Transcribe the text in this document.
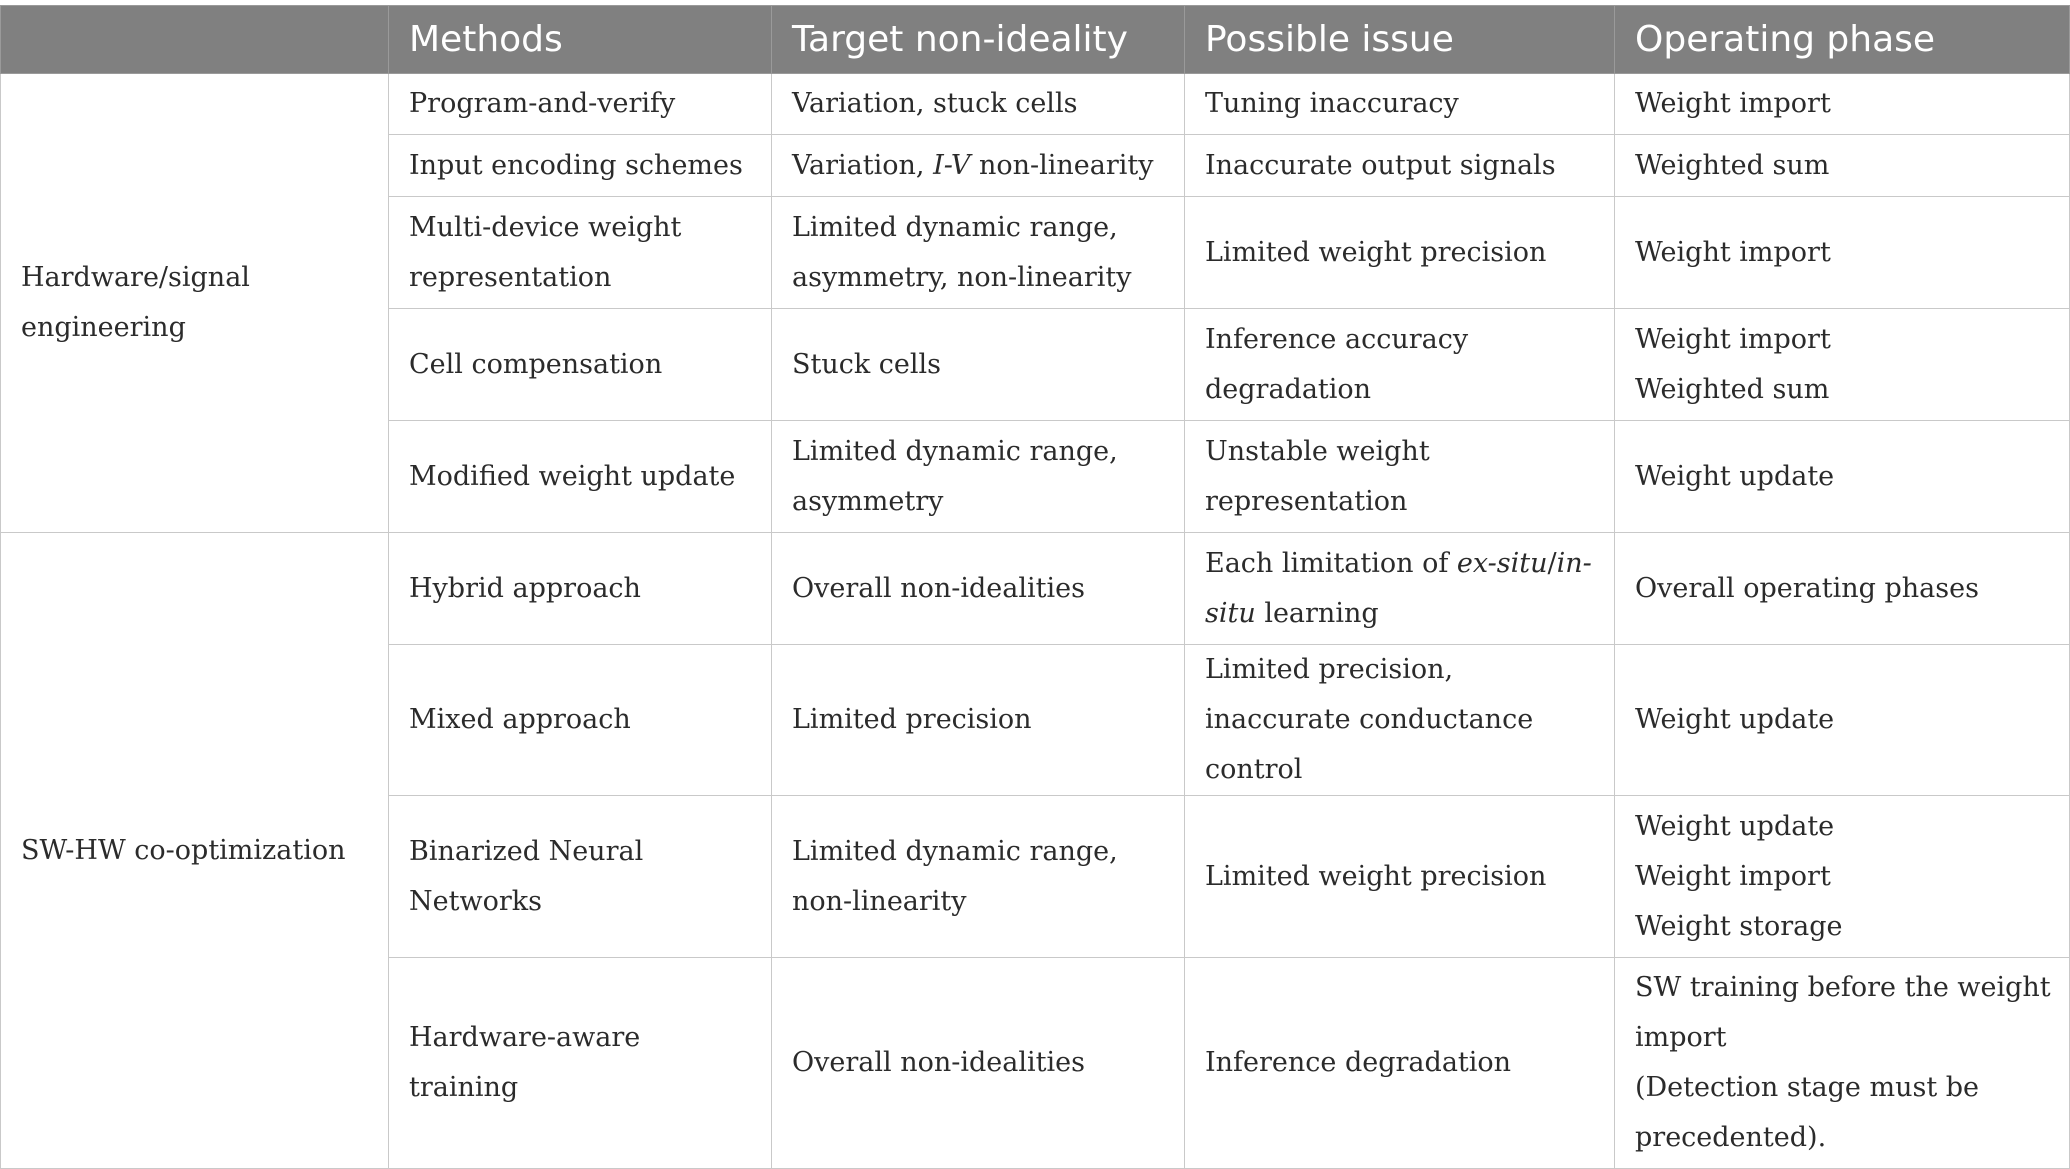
	Methods	Target non-ideality	Possible issue	Operating phase
Hardware/signal engineering	Program-and-verify	Variation, stuck cells	Tuning inaccuracy	Weight import

	Input encoding schemes	Variation, I-V non-linearity	Inaccurate output signals	Weighted sum

	Multi-device weight representation	Limited dynamic range, asymmetry, non-linearity	Limited weight precision	Weight import

	Cell compensation	Stuck cells	Inference accuracy degradation	Weight import
Weighted sum

	Modified weight update	Limited dynamic range, asymmetry	Unstable weight representation	Weight update

SW-HW co-optimization	Hybrid approach	Overall non-idealities	Each limitation of ex-situ/in-situ learning	Overall operating phases

	Mixed approach	Limited precision	Limited precision, inaccurate conductance control	Weight update

	Binarized Neural Networks	Limited dynamic range, non-linearity	Limited weight precision	Weight update
Weight import
Weight storage

	Hardware-aware training	Overall non-idealities	Inference degradation	SW training before the weight import
(Detection stage must be precedented).
